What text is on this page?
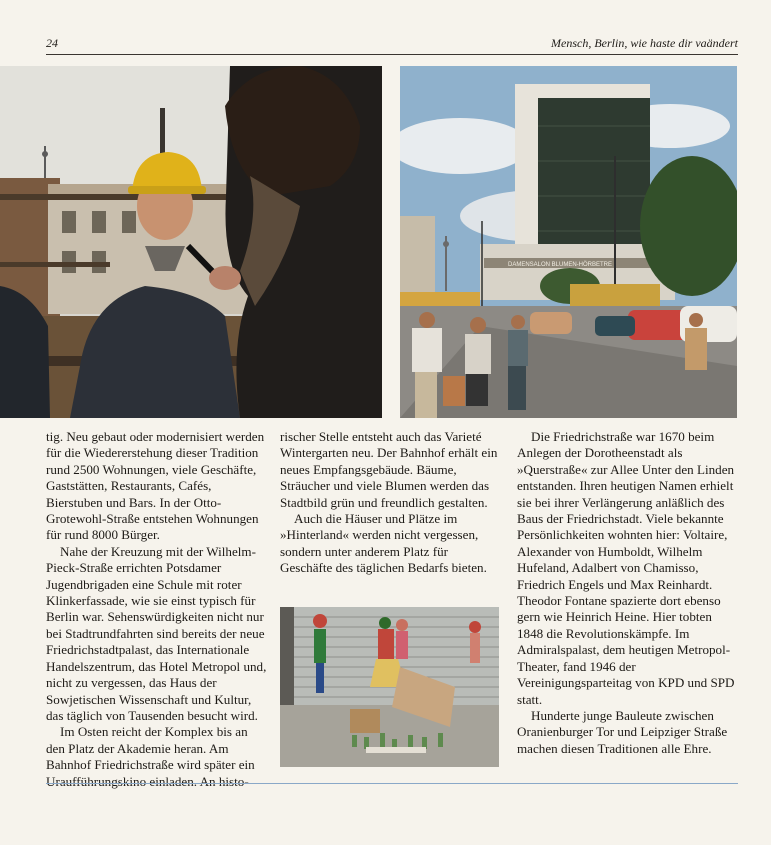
24	Mensch, Berlin, wie haste dir vaändert
DAMENSALON BLUMEN-HÖRBETRE

tig. Neu gebaut oder modernisiert werden für die Wiedererstehung dieser Tradition rund 2500 Wohnungen, viele Geschäfte, Gaststätten, Restaurants, Cafés, Bierstuben und Bars. In der Otto-Grotewohl-Straße entstehen Wohnungen für rund 8000 Bürger.

Nahe der Kreuzung mit der Wilhelm-Pieck-Straße errichten Potsdamer Jugendbrigaden eine Schule mit roter Klinkerfassade, wie sie einst typisch für Berlin war. Sehenswürdigkeiten nicht nur bei Stadtrundfahrten sind bereits der neue Friedrichstadtpalast, das Internationale Handelszentrum, das Hotel Metropol und, nicht zu vergessen, das Haus der Sowjetischen Wissenschaft und Kultur, das täglich von Tausenden besucht wird.

Im Osten reicht der Komplex bis an den Platz der Akademie heran. Am Bahnhof Friedrichstraße wird später ein Uraufführungskino einladen. An histo-

rischer Stelle entsteht auch das Varieté Wintergarten neu. Der Bahnhof erhält ein neues Empfangsgebäude. Bäume, Sträucher und viele Blumen werden das Stadtbild grün und freundlich gestalten.

Auch die Häuser und Plätze im »Hinterland« werden nicht vergessen, sondern unter anderem Platz für Geschäfte des täglichen Bedarfs bieten.

Die Friedrichstraße war 1670 beim Anlegen der Dorotheenstadt als »Querstraße« zur Allee Unter den Linden entstanden. Ihren heutigen Namen erhielt sie bei ihrer Verlängerung anläßlich des Baus der Friedrichstadt. Viele bekannte Persönlichkeiten wohnten hier: Voltaire, Alexander von Humboldt, Wilhelm Hufeland, Adalbert von Chamisso, Friedrich Engels und Max Reinhardt. Theodor Fontane spazierte dort ebenso gern wie Heinrich Heine. Hier tobten 1848 die Revolutionskämpfe. Im Admiralspalast, dem heutigen Metropol-Theater, fand 1946 der Vereinigungsparteitag von KPD und SPD statt.

Hunderte junge Bauleute zwischen Oranienburger Tor und Leipziger Straße machen diesen Traditionen alle Ehre.
